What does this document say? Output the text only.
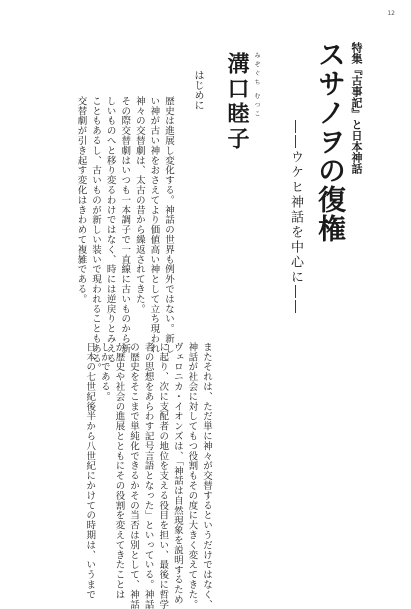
12
特集『古事記』と日本神話
スサノヲの復権
――ウケヒ神話を中心に――
みぞぐち むつこ
溝口睦子
はじめに
歴史は進展し変化する。神話の世界も例外ではない。新し
い神が古い神をおさえてより価値高い神として立ち現われ
神々の交替劇は、太古の昔から繰返されてきた。
その際交替劇はいつも一本調子で一直線に古いものから新
しいものへと移り変るわけではなく、時には逆戻りとみえる
こともあるし、古いものが新しい装いで現われることもある。
交替劇が引き起す変化はきわめて複雑である。
またそれは、ただ単に神々が交替するというだけではなく、
神話が社会に対してもつ役割もその度に大きく変えてきた。
ヴェロニカ・イオンズは、「神話は自然現象を説明するため
に起り、次に支配者の地位を支える役目を担い、最後に哲学
者の思想をあらわす記号言語となった」といっている。神話
の歴史をそこまで単純化できるかその当否は別として、神話
が歴史や社会の進展とともにその役割を変えてきたことは
しかである。
日本の七世紀後半から八世紀にかけての時期は、いうまで
